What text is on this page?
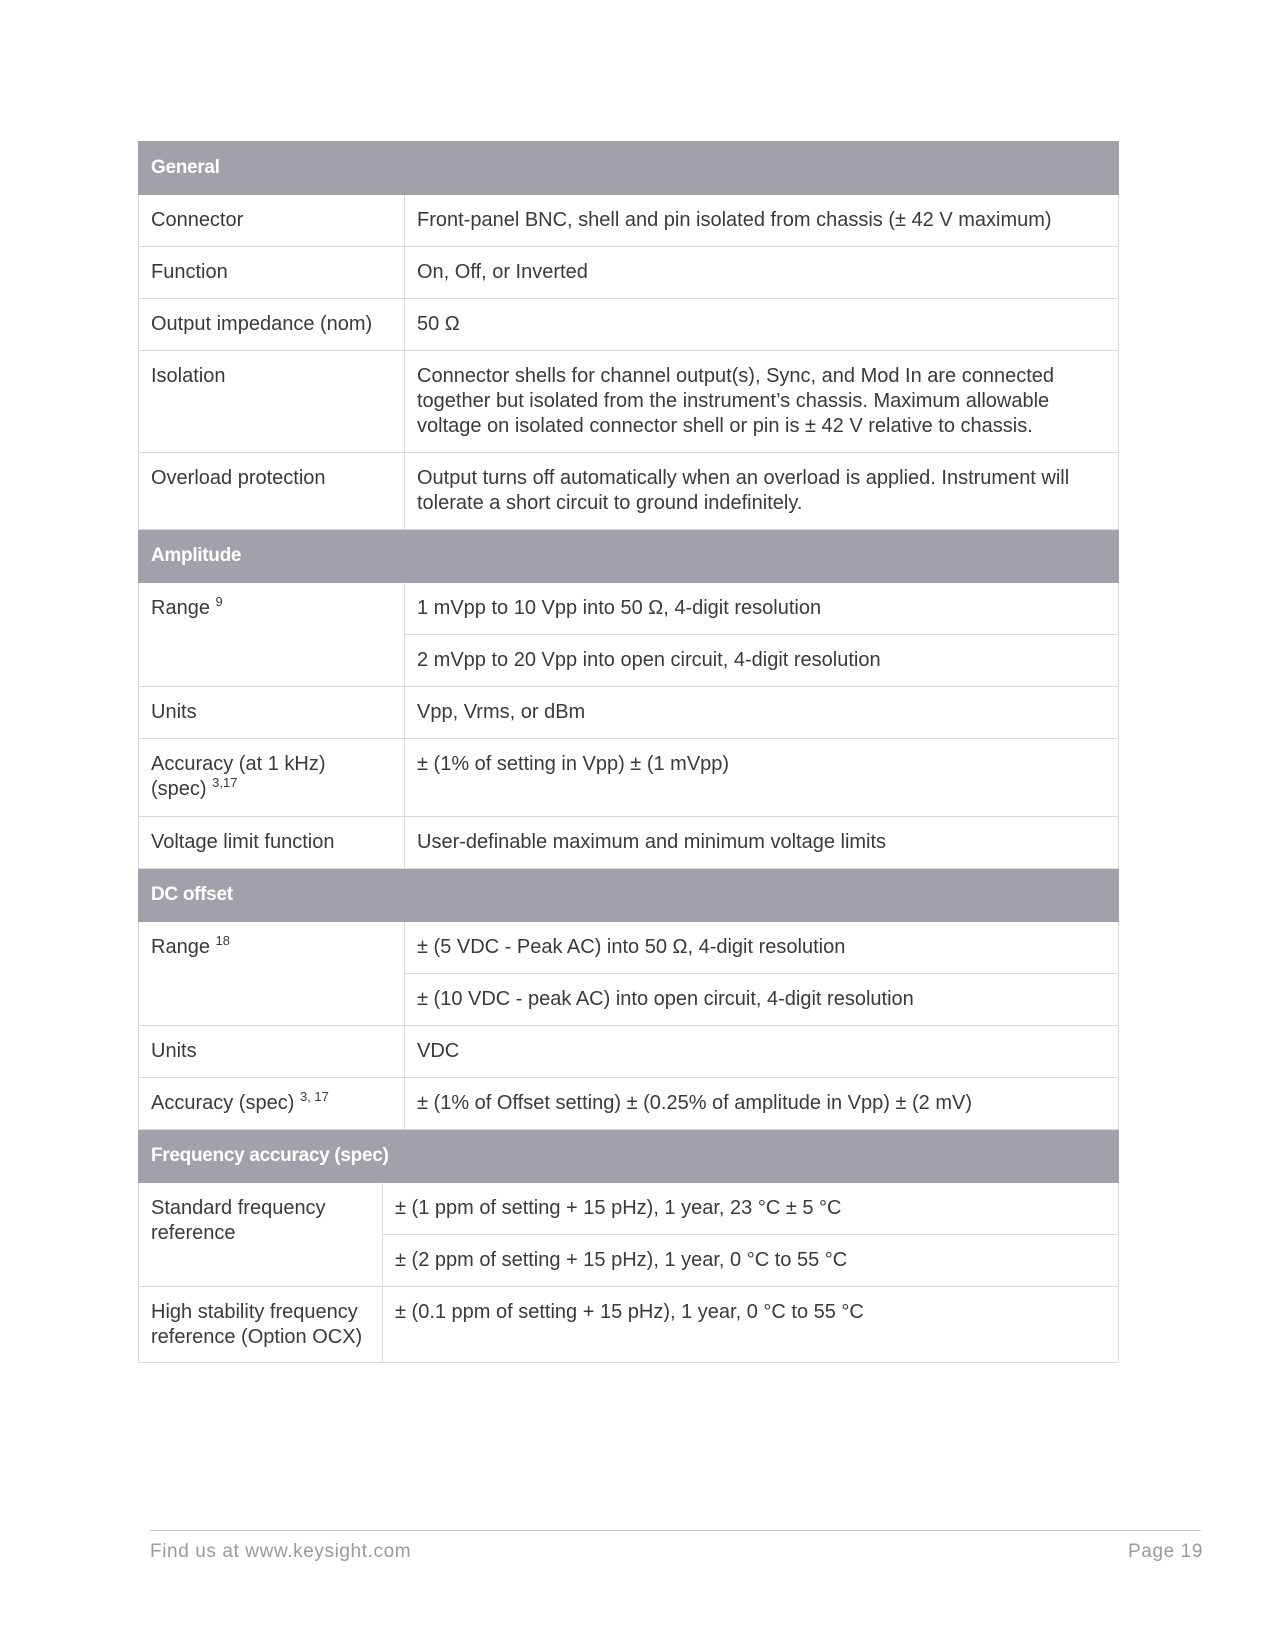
General		
Connector		Front-panel BNC, shell and pin isolated from chassis (± 42 V maximum)
Function		On, Off, or Inverted
Output impedance (nom)		50 Ω
Isolation		Connector shells for channel output(s), Sync, and Mod In are connected together but isolated from the instrument’s chassis. Maximum allowable voltage on isolated connector shell or pin is ± 42 V relative to chassis.
Overload protection		Output turns off automatically when an overload is applied. Instrument will tolerate a short circuit to ground indefinitely.
Amplitude		
Range $^9$		1 mVpp to 10 Vpp into 50 Ω, 4-digit resolution
		2 mVpp to 20 Vpp into open circuit, 4-digit resolution
Units		Vpp, Vrms, or dBm
Accuracy (at 1 kHz)
(spec) $^{3,17}$		± (1% of setting in Vpp) ± (1 mVpp)
Voltage limit function		User-definable maximum and minimum voltage limits
DC offset		
Range $^{18}$		± (5 VDC - Peak AC) into 50 Ω, 4-digit resolution
		± (10 VDC - peak AC) into open circuit, 4-digit resolution
Units		VDC
Accuracy (spec) $^{3, 17}$		± (1% of Offset setting) ± (0.25% of amplitude in Vpp) ± (2 mV)
Frequency accuracy (spec)		
Standard frequency reference	± (1 ppm of setting + 15 pHz), 1 year, 23 °C ± 5 °C	
	± (2 ppm of setting + 15 pHz), 1 year, 0 °C to 55 °C	
High stability frequency reference (Option OCX)	± (0.1 ppm of setting + 15 pHz), 1 year, 0 °C to 55 °C	
Find us at www.keysight.com	Page 19
